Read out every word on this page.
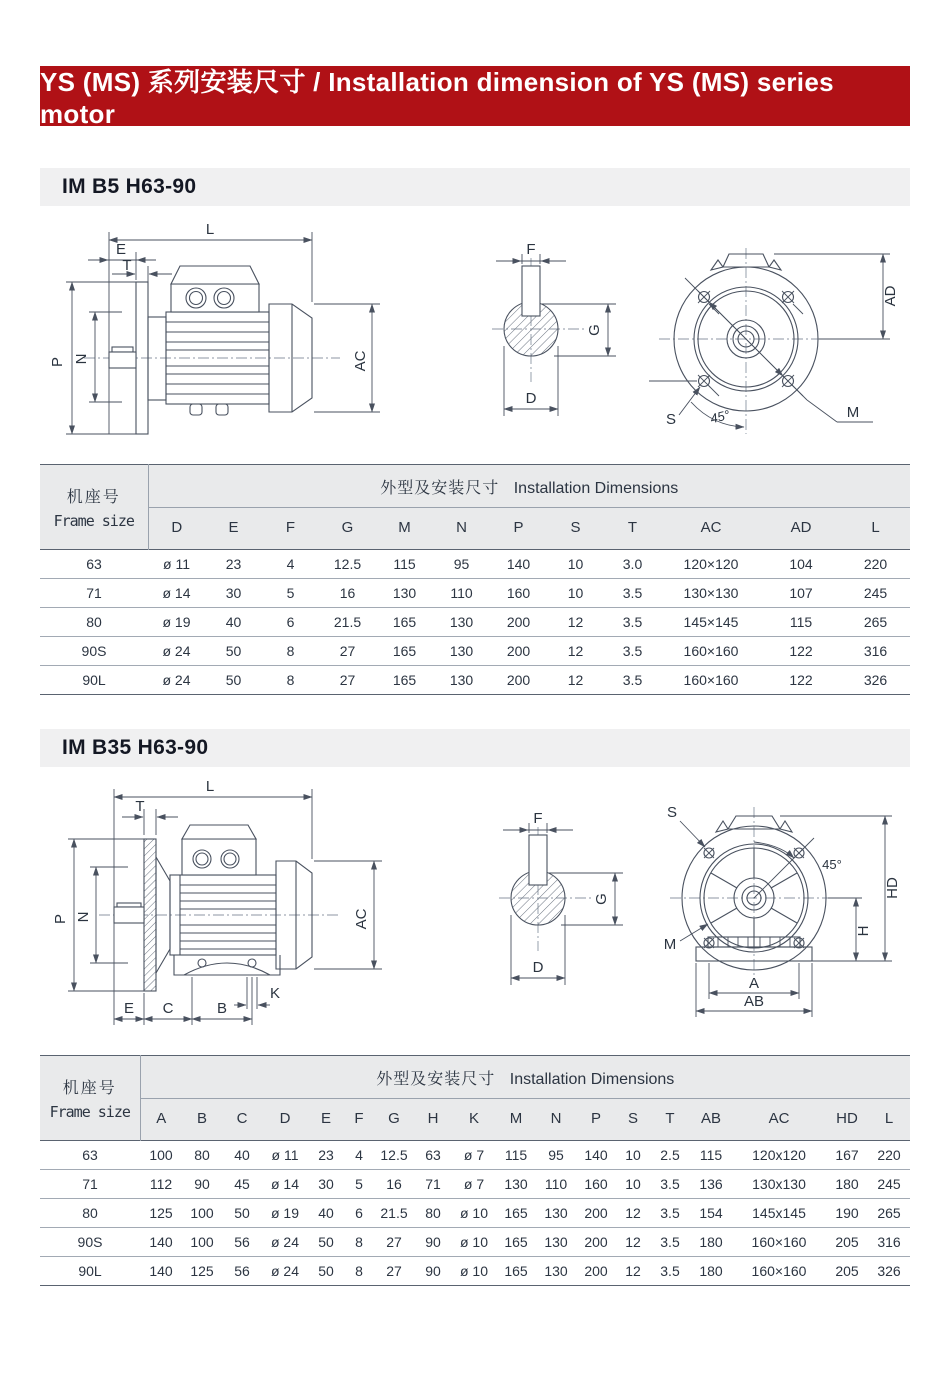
YS (MS) 系列安装尺寸 / Installation dimension of YS (MS) series motor
IM B5 H63-90
L
E
T
P N	AC
F
G
D
M
S	45°
AD
机座号
Frame size	外型及安装尺寸 Installation Dimensions											
	D	E	F	G	M	N	P	S	T	AC	AD	L
63	ø 11	23	4	12.5	115	95	140	10	3.0	120×120	104	220
71	ø 14	30	5	16	130	110	160	10	3.5	130×130	107	245
80	ø 19	40	6	21.5	165	130	200	12	3.5	145×145	115	265
90S	ø 24	50	8	27	165	130	200	12	3.5	160×160	122	316
90L	ø 24	50	8	27	165	130	200	12	3.5	160×160	122	326
IM B35 H63-90
L
T
P N	AC
E C	B
K
F
G
D
S
45°
M
HD
H
A
AB
机座号
Frame size	外型及安装尺寸 Installation Dimensions																	
	A	B	C	D	E	F	G	H	K	M	N	P	S	T	AB	AC	HD	L
63	100	80	40	ø 11	23	4	12.5	63	ø 7	115	95	140	10	2.5	115	120x120	167	220
71	112	90	45	ø 14	30	5	16	71	ø 7	130	110	160	10	3.5	136	130x130	180	245
80	125	100	50	ø 19	40	6	21.5	80	ø 10	165	130	200	12	3.5	154	145x145	190	265
90S	140	100	56	ø 24	50	8	27	90	ø 10	165	130	200	12	3.5	180	160×160	205	316
90L	140	125	56	ø 24	50	8	27	90	ø 10	165	130	200	12	3.5	180	160×160	205	326
